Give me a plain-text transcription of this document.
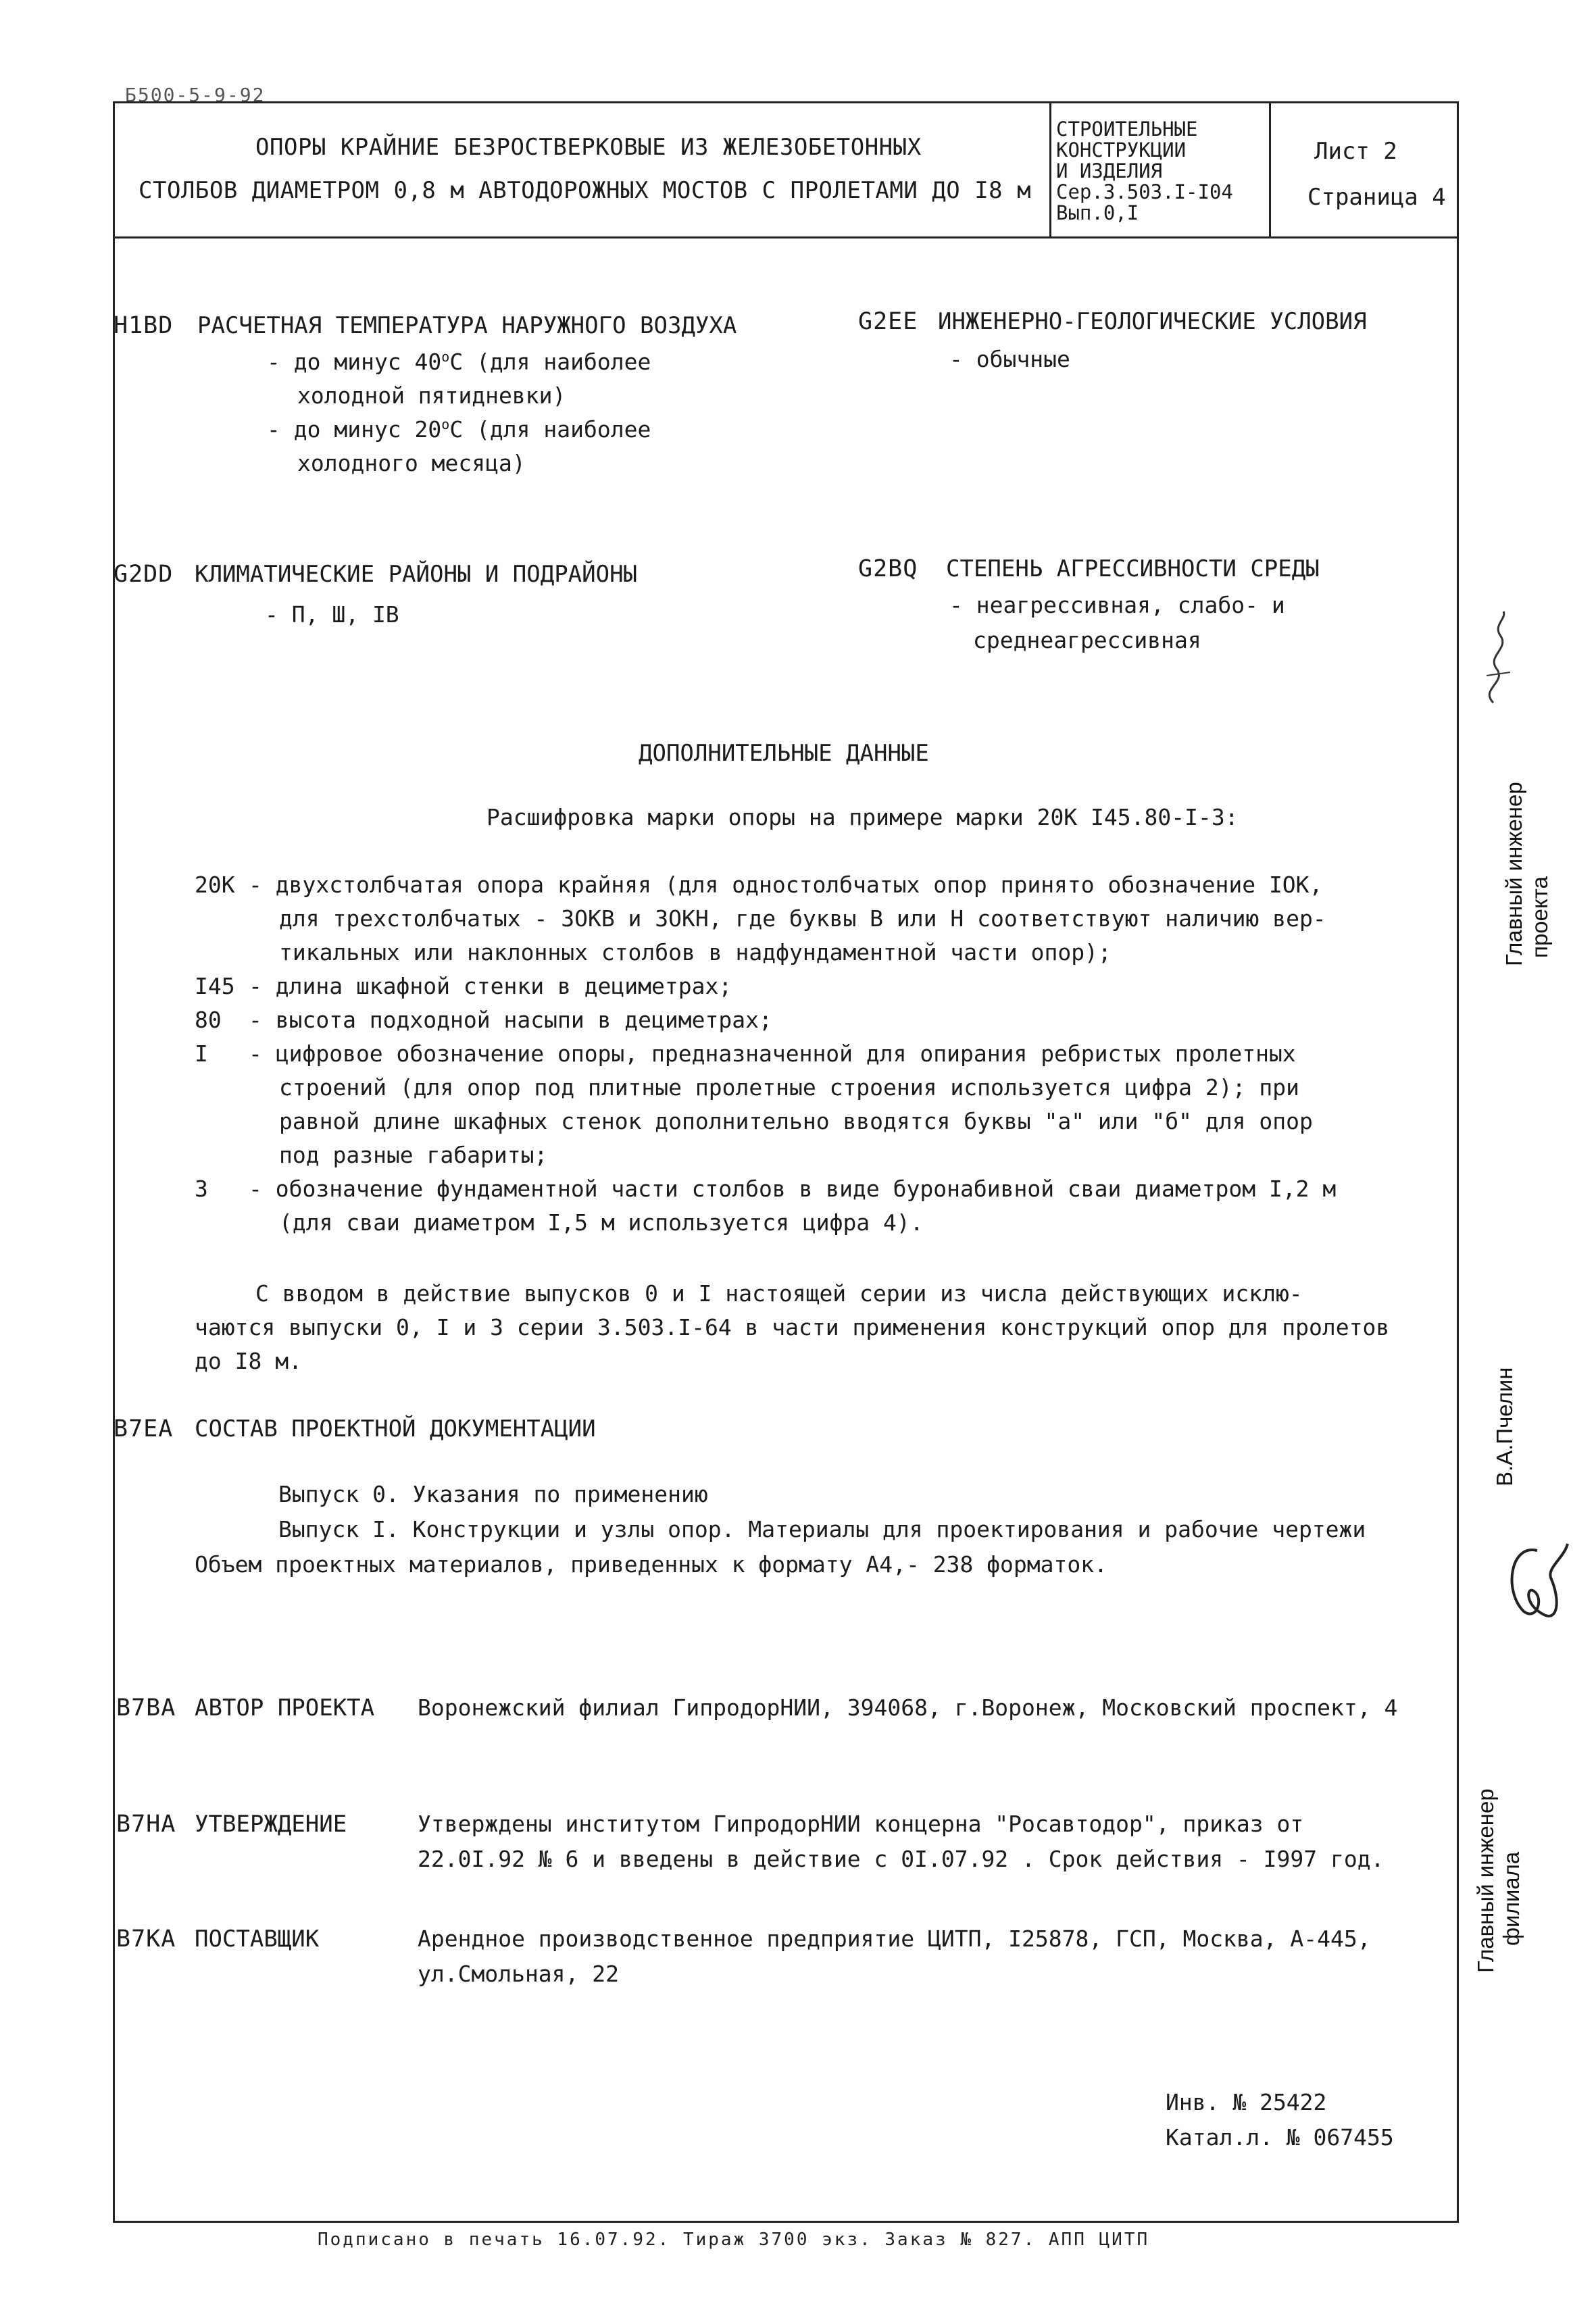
Б500-5-9-92
ОПОРЫ КРАЙНИЕ БЕЗРОСТВЕРКОВЫЕ ИЗ ЖЕЛЕЗОБЕТОННЫХ
СТОЛБОВ ДИАМЕТРОМ 0,8 м АВТОДОРОЖНЫХ МОСТОВ С ПРОЛЕТАМИ ДО I8 м
СТРОИТЕЛЬНЫЕ
КОНСТРУКЦИИ
И ИЗДЕЛИЯ
Сер.3.503.I-I04
Вып.0,I
Лист 2
Страница 4
H1BD РАСЧЕТНАЯ ТЕМПЕРАТУРА НАРУЖНОГО ВОЗДУХА
- до минус 40$^o$C (для наиболее
холодной пятидневки)
- до минус 20$^o$C (для наиболее
холодного месяца)
G2EE ИНЖЕНЕРНО-ГЕОЛОГИЧЕСКИЕ УСЛОВИЯ
- обычные
G2DD КЛИМАТИЧЕСКИЕ РАЙОНЫ И ПОДРАЙОНЫ
- П, Ш, IВ
G2BQ СТЕПЕНЬ АГРЕССИВНОСТИ СРЕДЫ
- неагрессивная, слабо- и
среднеагрессивная
ДОПОЛНИТЕЛЬНЫЕ ДАННЫЕ
Расшифровка марки опоры на примере марки 20К I45.80-I-3:
20К - двухстолбчатая опора крайняя (для одностолбчатых опор принято обозначение IОК,
для трехстолбчатых - 3ОКВ и 3ОКН, где буквы В или Н соответствуют наличию вер-
тикальных или наклонных столбов в надфундаментной части опор);
I45 - длина шкафной стенки в дециметрах;
80 - высота подходной насыпи в дециметрах;
I - цифровое обозначение опоры, предназначенной для опирания ребристых пролетных
строений (для опор под плитные пролетные строения используется цифра 2); при
равной длине шкафных стенок дополнительно вводятся буквы "а" или "б" для опор
под разные габариты;
3 - обозначение фундаментной части столбов в виде буронабивной сваи диаметром I,2 м
(для сваи диаметром I,5 м используется цифра 4).
С вводом в действие выпусков 0 и I настоящей серии из числа действующих исклю-
чаются выпуски 0, I и 3 серии 3.503.I-64 в части применения конструкций опор для пролетов
до I8 м.
B7EA СОСТАВ ПРОЕКТНОЙ ДОКУМЕНТАЦИИ
Выпуск 0. Указания по применению
Выпуск I. Конструкции и узлы опор. Материалы для проектирования и рабочие чертежи
Объем проектных материалов, приведенных к формату А4,- 238 форматок.
B7BA АВТОР ПРОЕКТА Воронежский филиал ГипродорНИИ, 394068, г.Воронеж, Московский проспект, 4
B7HA УТВЕРЖДЕНИЕ	Утверждены институтом ГипродорНИИ концерна "Росавтодор", приказ от
22.0I.92 № 6 и введены в действие с 0I.07.92 . Срок действия - I997 год.
B7KA ПОСТАВЩИК	Арендное производственное предприятие ЦИТП, I25878, ГСП, Москва, А-445,
ул.Смольная, 22
Инв. № 25422
Катал.л. № 067455
Главный инженер проекта
В.А.Пчелин
Главный инженер филиала
Подписано в печать 16.07.92. Тираж 3700 экз. Заказ № 827. АПП ЦИТП
